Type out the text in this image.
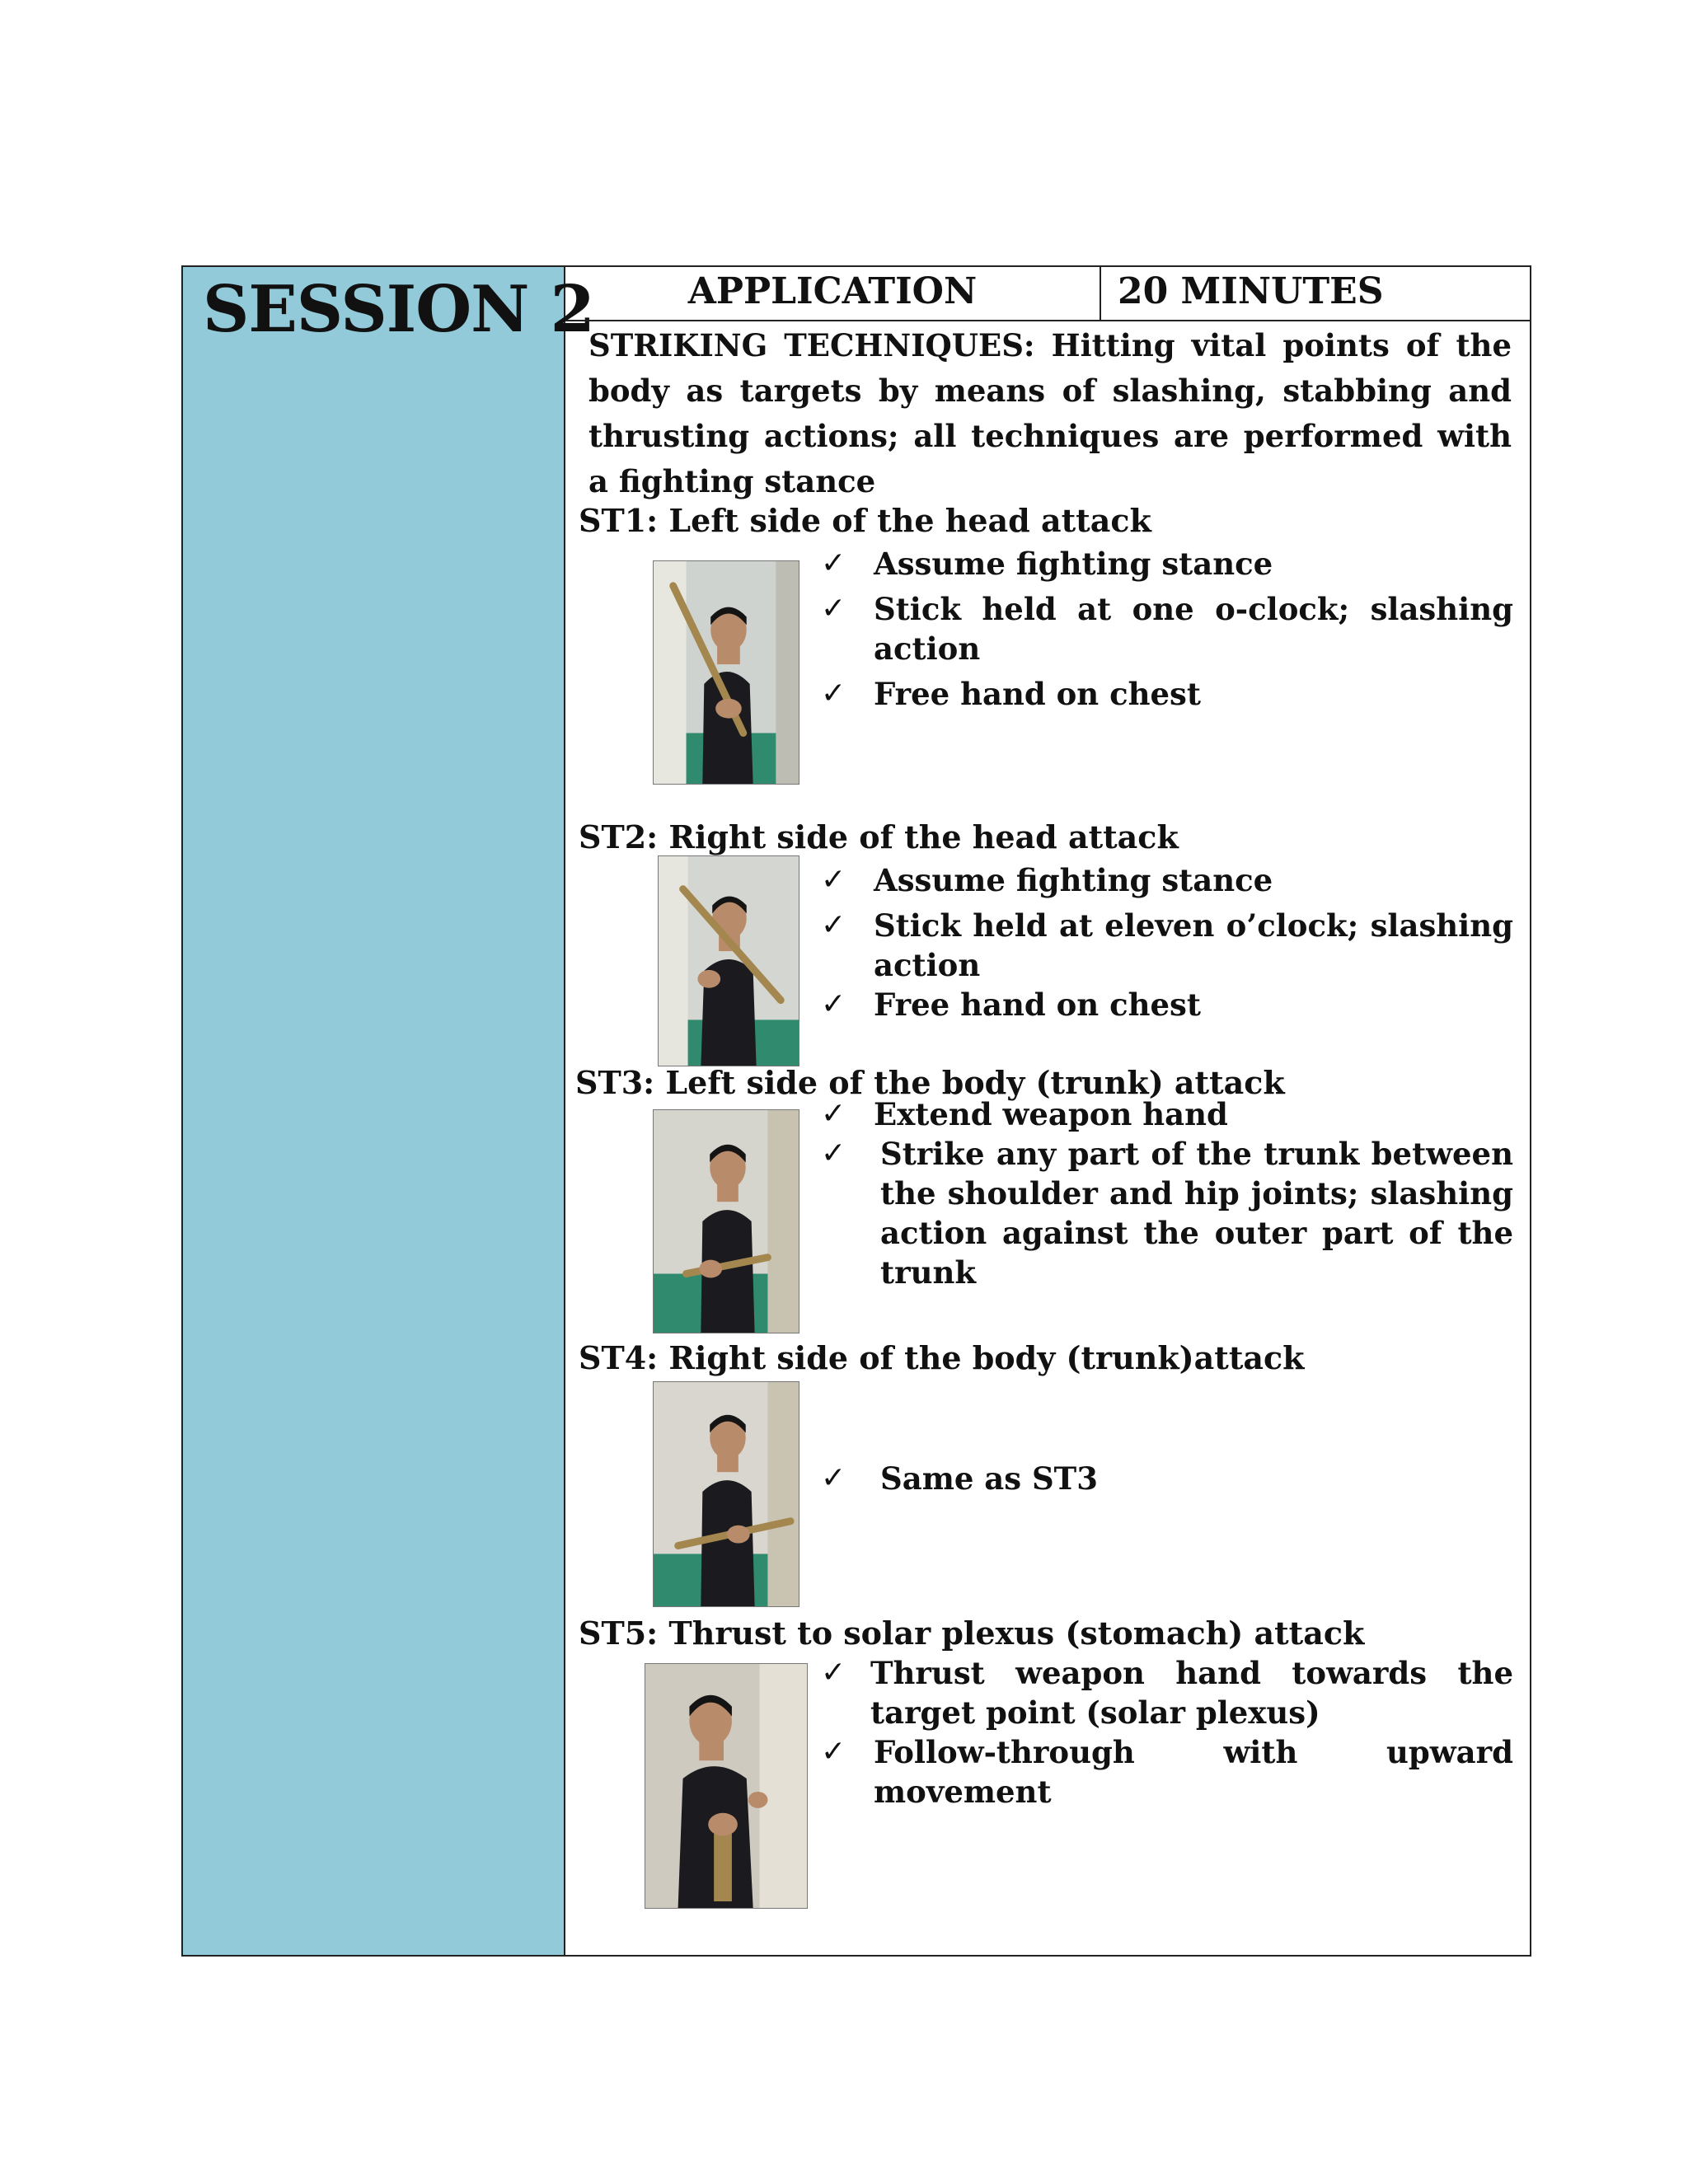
SESSION 2	APPLICATION	20 MINUTES
STRIKING TECHNIQUES: Hitting vital points of the body as targets by means of slashing, stabbing and thrusting actions; all techniques are performed with a fighting stance
ST1: Left side of the head attack
✓ Assume fighting stance
✓ Stick held at one o-clock; slashing action
✓ Free hand on chest
ST2: Right side of the head attack
✓ Assume fighting stance
✓ Stick held at eleven o’clock; slashing action
✓ Free hand on chest
ST3: Left side of the body (trunk) attack
✓ Extend weapon hand
✓ Strike any part of the trunk between the shoulder and hip joints; slashing action against the outer part of the trunk
ST4: Right side of the body (trunk)attack
✓ Same as ST3
ST5: Thrust to solar plexus (stomach) attack
✓ Thrust weapon hand towards the target point (solar plexus)
✓ Follow-through with upward movement
